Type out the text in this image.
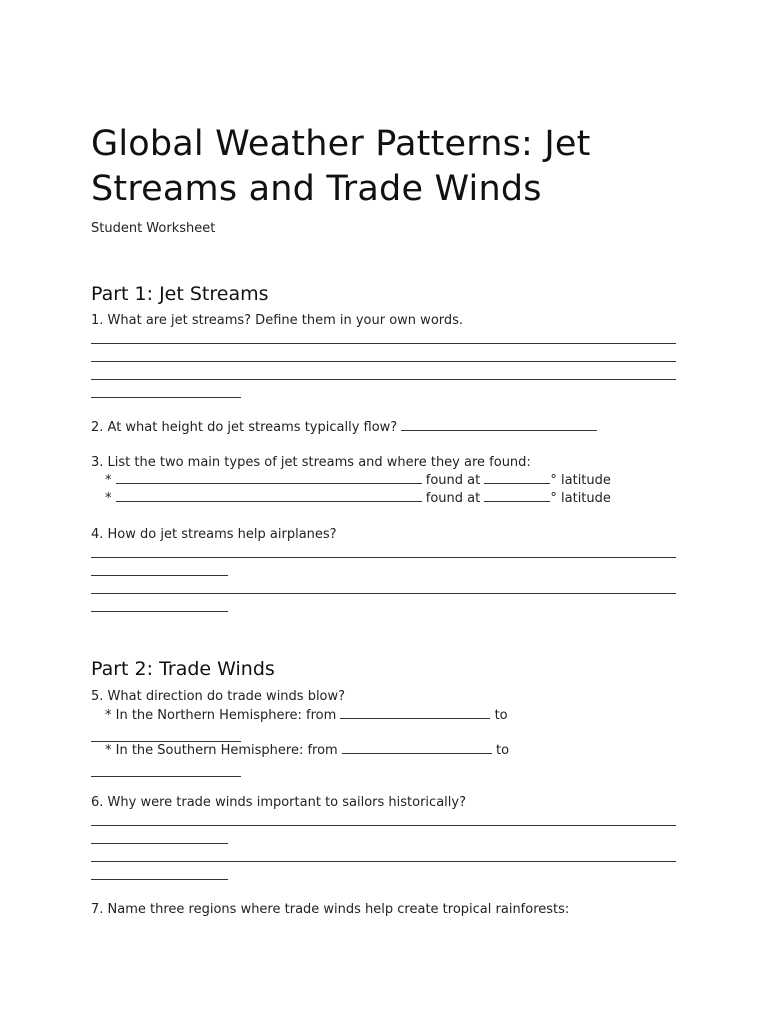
Global Weather Patterns: Jet Streams and Trade Winds
Student Worksheet
Part 1: Jet Streams
1. What are jet streams? Define them in your own words.
2. At what height do jet streams typically flow?
3. List the two main types of jet streams and where they are found:
*	found at	° latitude
*	found at	° latitude
4. How do jet streams help airplanes?
Part 2: Trade Winds
5. What direction do trade winds blow?
* In the Northern Hemisphere: from	to
* In the Southern Hemisphere: from	to
6. Why were trade winds important to sailors historically?
7. Name three regions where trade winds help create tropical rainforests:
